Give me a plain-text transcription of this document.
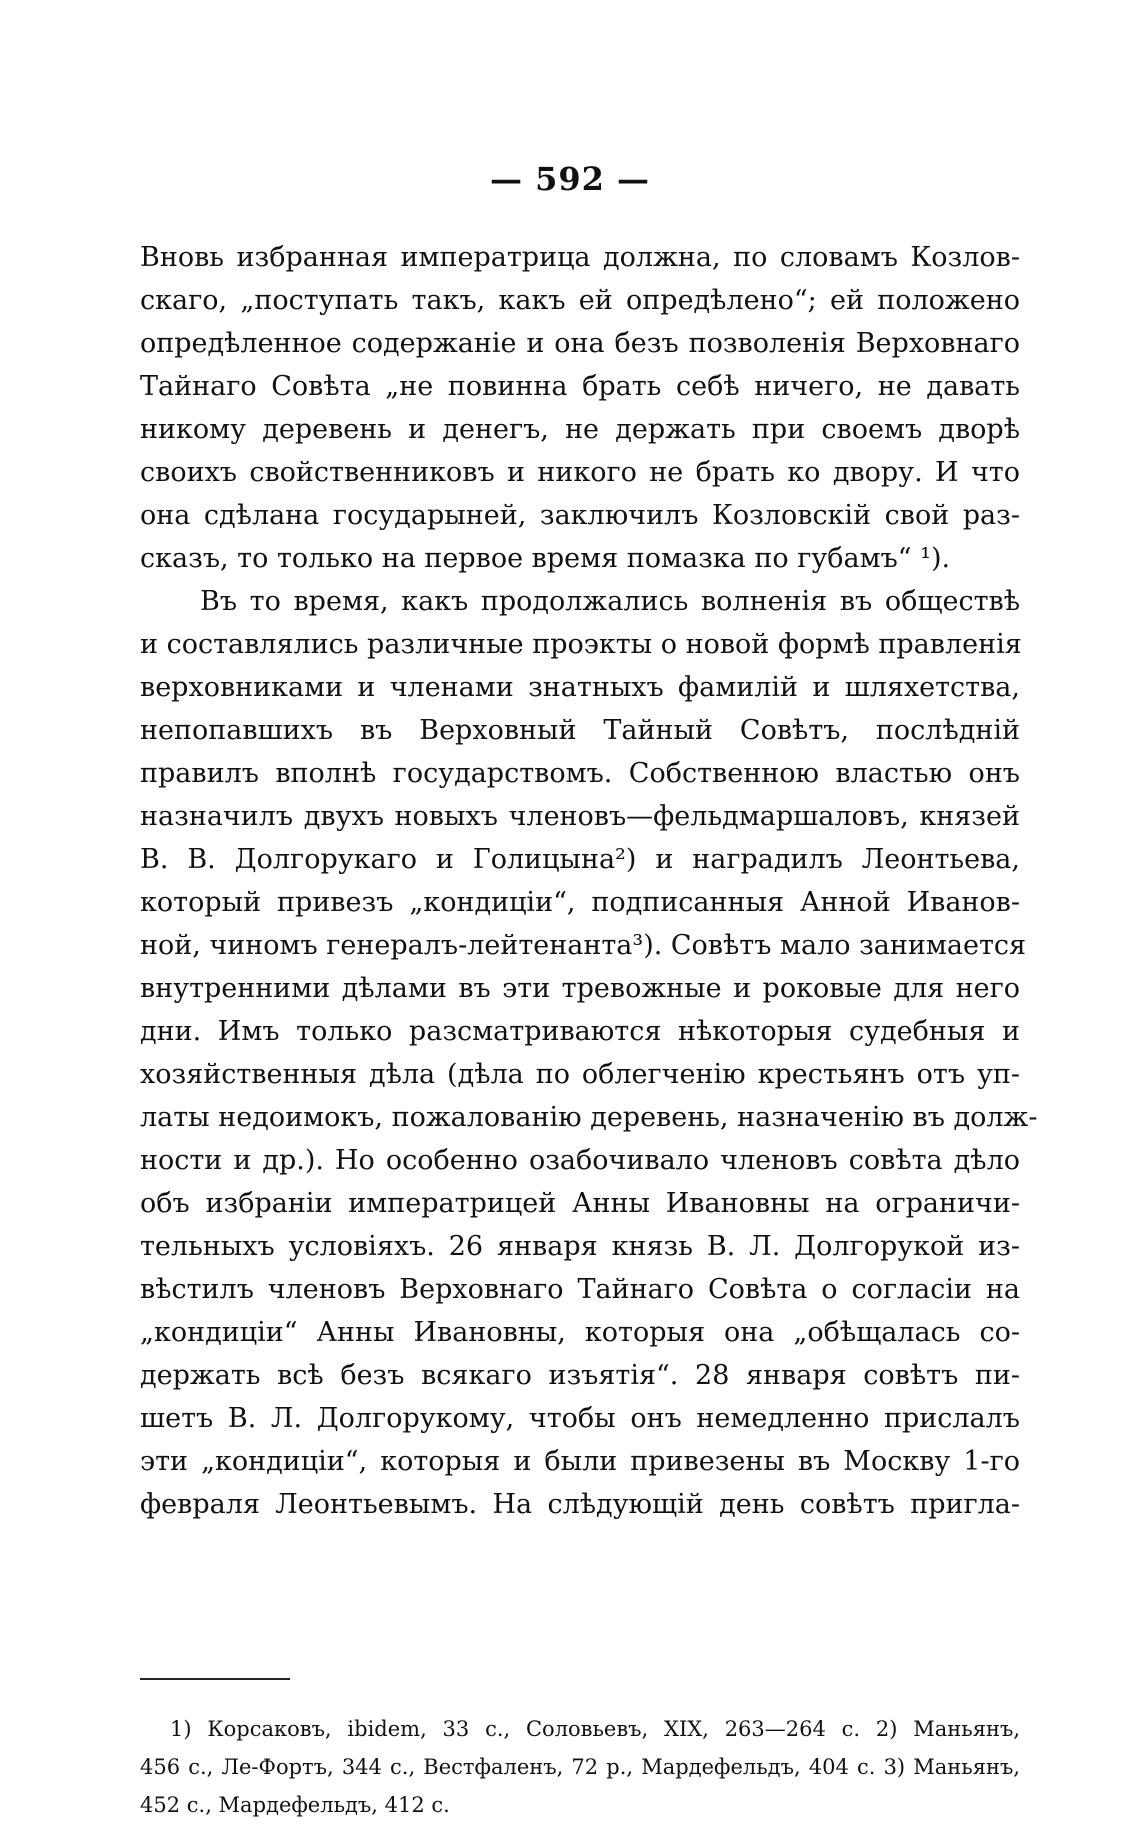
— 592 —
Вновь избранная императрица должна, по словамъ Козлов-
скаго, „поступать такъ, какъ ей опредѣлено“; ей положено
опредѣленное содержаніе и она безъ позволенія Верховнаго
Тайнаго Совѣта „не повинна брать себѣ ничего, не давать
никому деревень и денегъ, не держать при своемъ дворѣ
своихъ свойственниковъ и никого не брать ко двору. И что
она сдѣлана государыней, заключилъ Козловскій свой раз-
сказъ, то только на первое время помазка по губамъ“ ¹).
Въ то время, какъ продолжались волненія въ обществѣ
и составлялись различные проэкты о новой формѣ правленія
верховниками и членами знатныхъ фамилій и шляхетства,
непопавшихъ въ Верховный Тайный Совѣтъ, послѣдній
правилъ вполнѣ государствомъ. Собственною властью онъ
назначилъ двухъ новыхъ членовъ—фельдмаршаловъ, князей
В. В. Долгорукаго и Голицына²) и наградилъ Леонтьева,
который привезъ „кондиціи“, подписанныя Анной Иванов-
ной, чиномъ генералъ-лейтенанта³). Совѣтъ мало занимается
внутренними дѣлами въ эти тревожные и роковые для него
дни. Имъ только разсматриваются нѣкоторыя судебныя и
хозяйственныя дѣла (дѣла по облегченію крестьянъ отъ уп-
латы недоимокъ, пожалованію деревень, назначенію въ долж-
ности и др.). Но особенно озабочивало членовъ совѣта дѣло
объ избраніи императрицей Анны Ивановны на ограничи-
тельныхъ условіяхъ. 26 января князь В. Л. Долгорукой из-
вѣстилъ членовъ Верховнаго Тайнаго Совѣта о согласіи на
„кондиціи“ Анны Ивановны, которыя она „обѣщалась со-
держать всѣ безъ всякаго изъятія“. 28 января совѣтъ пи-
шетъ В. Л. Долгорукому, чтобы онъ немедленно прислалъ
эти „кондиціи“, которыя и были привезены въ Москву 1-го
февраля Леонтьевымъ. На слѣдующій день совѣтъ пригла-
1) Корсаковъ, ibidem, 33 с., Соловьевъ, XIX, 263—264 с. 2) Маньянъ,
456 с., Ле-Фортъ, 344 с., Вестфаленъ, 72 р., Мардефельдъ, 404 с. 3) Маньянъ,
452 с., Мардефельдъ, 412 с.
